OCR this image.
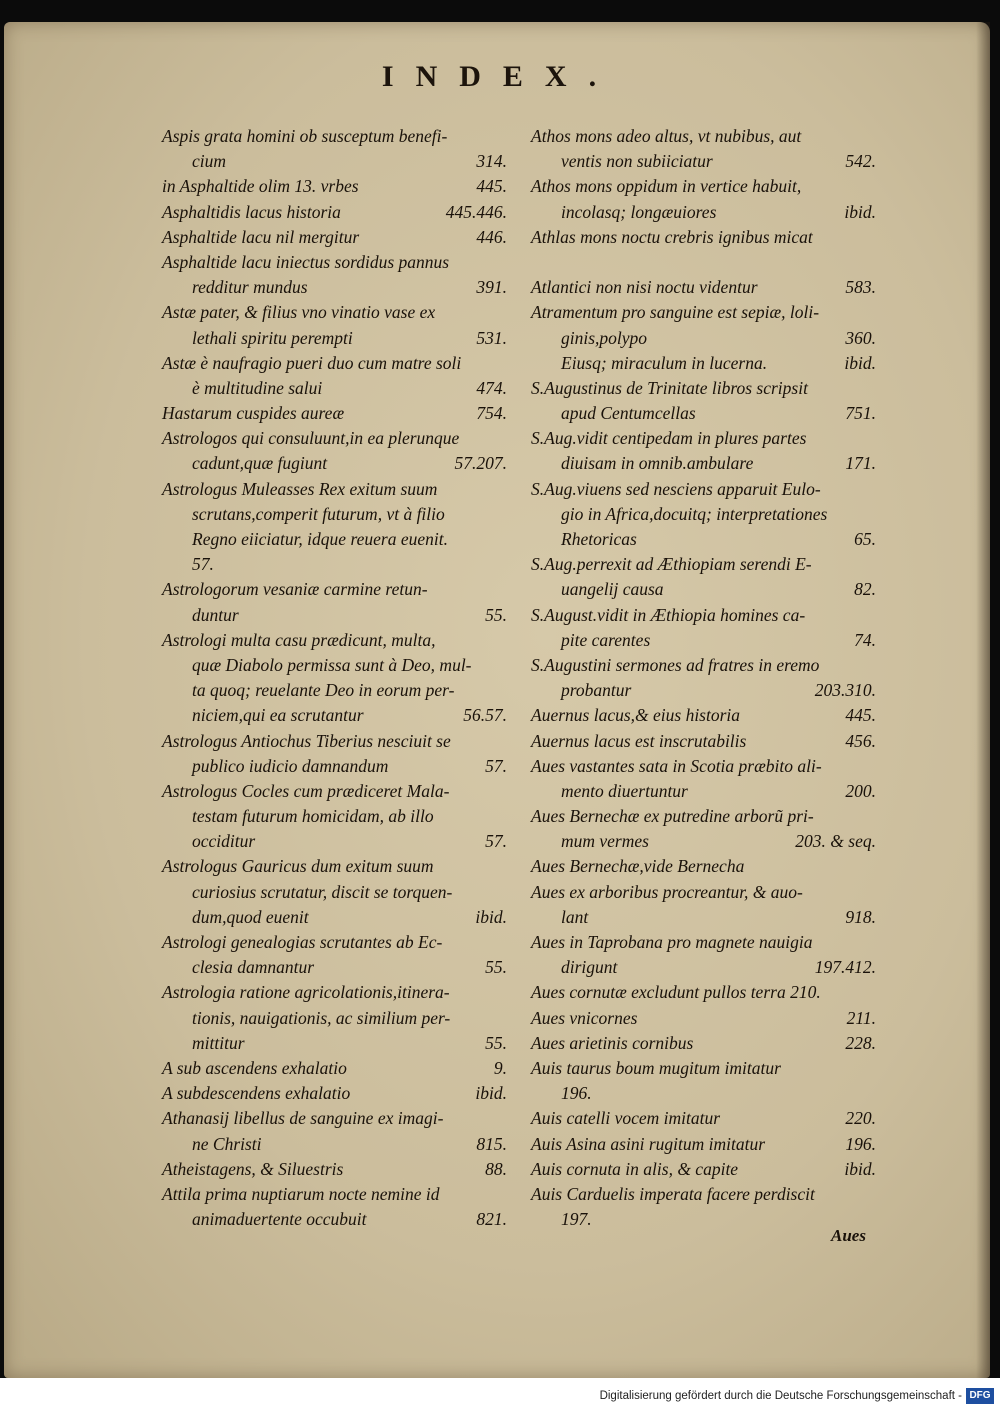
INDEX.
Aspis grata homini ob susceptum benefi-
cium	314.
in Asphaltide olim 13. vrbes	445.
Asphaltidis lacus historia	445.446.
Asphaltide lacu nil mergitur	446.
Asphaltide lacu iniectus sordidus pannus
redditur mundus	391.
Astæ pater, & filius vno vinatio vase ex
lethali spiritu perempti	531.
Astæ è naufragio pueri duo cum matre soli
è multitudine salui	474.
Hastarum cuspides aureæ	754.
Astrologos qui consuluunt,in ea plerunque
cadunt,quæ fugiunt	57.207.
Astrologus Muleasses Rex exitum suum
scrutans,comperit futurum, vt à filio
Regno eiiciatur, idque reuera euenit.
57.
Astrologorum vesaniæ carmine retun-
duntur	55.
Astrologi multa casu prædicunt, multa,
quæ Diabolo permissa sunt à Deo, mul-
ta quoq; reuelante Deo in eorum per-
niciem,qui ea scrutantur	56.57.
Astrologus Antiochus Tiberius nesciuit se
publico iudicio damnandum	57.
Astrologus Cocles cum prædiceret Mala-
testam futurum homicidam, ab illo
occiditur	57.
Astrologus Gauricus dum exitum suum
curiosius scrutatur, discit se torquen-
dum,quod euenit	ibid.
Astrologi genealogias scrutantes ab Ec-
clesia damnantur	55.
Astrologia ratione agricolationis,itinera-
tionis, nauigationis, ac similium per-
mittitur	55.
A sub ascendens exhalatio	9.
A subdescendens exhalatio	ibid.
Athanasij libellus de sanguine ex imagi-
ne Christi	815.
Atheistagens, & Siluestris	88.
Attila prima nuptiarum nocte nemine id
animaduertente occubuit	821.
Athos mons adeo altus, vt nubibus, aut
ventis non subiiciatur	542.
Athos mons oppidum in vertice habuit,
incolasq; longæuiores	ibid.
Athlas mons noctu crebris ignibus micat
Atlantici non nisi noctu videntur	583.
Atramentum pro sanguine est sepiæ, loli-
ginis,polypo	360.
Eiusq; miraculum in lucerna.	ibid.
S.Augustinus de Trinitate libros scripsit
apud Centumcellas	751.
S.Aug.vidit centipedam in plures partes
diuisam in omnib.ambulare	171.
S.Aug.viuens sed nesciens apparuit Eulo-
gio in Africa,docuitq; interpretationes
Rhetoricas	65.
S.Aug.perrexit ad Æthiopiam serendi E-
uangelij causa	82.
S.August.vidit in Æthiopia homines ca-
pite carentes	74.
S.Augustini sermones ad fratres in eremo
probantur	203.310.
Auernus lacus,& eius historia	445.
Auernus lacus est inscrutabilis	456.
Aues vastantes sata in Scotia præbito ali-
mento diuertuntur	200.
Aues Bernechæ ex putredine arborũ pri-
mum vermes	203. & seq.
Aues Bernechæ,vide Bernecha
Aues ex arboribus procreantur, & auo-
lant	918.
Aues in Taprobana pro magnete nauigia
dirigunt	197.412.
Aues cornutæ excludunt pullos terra 210.
Aues vnicornes	211.
Aues arietinis cornibus	228.
Auis taurus boum mugitum imitatur
196.
Auis catelli vocem imitatur	220.
Auis Asina asini rugitum imitatur	196.
Auis cornuta in alis, & capite	ibid.
Auis Carduelis imperata facere perdiscit
197.
Aues
Digitalisierung gefördert durch die Deutsche Forschungsgemeinschaft - DFG
